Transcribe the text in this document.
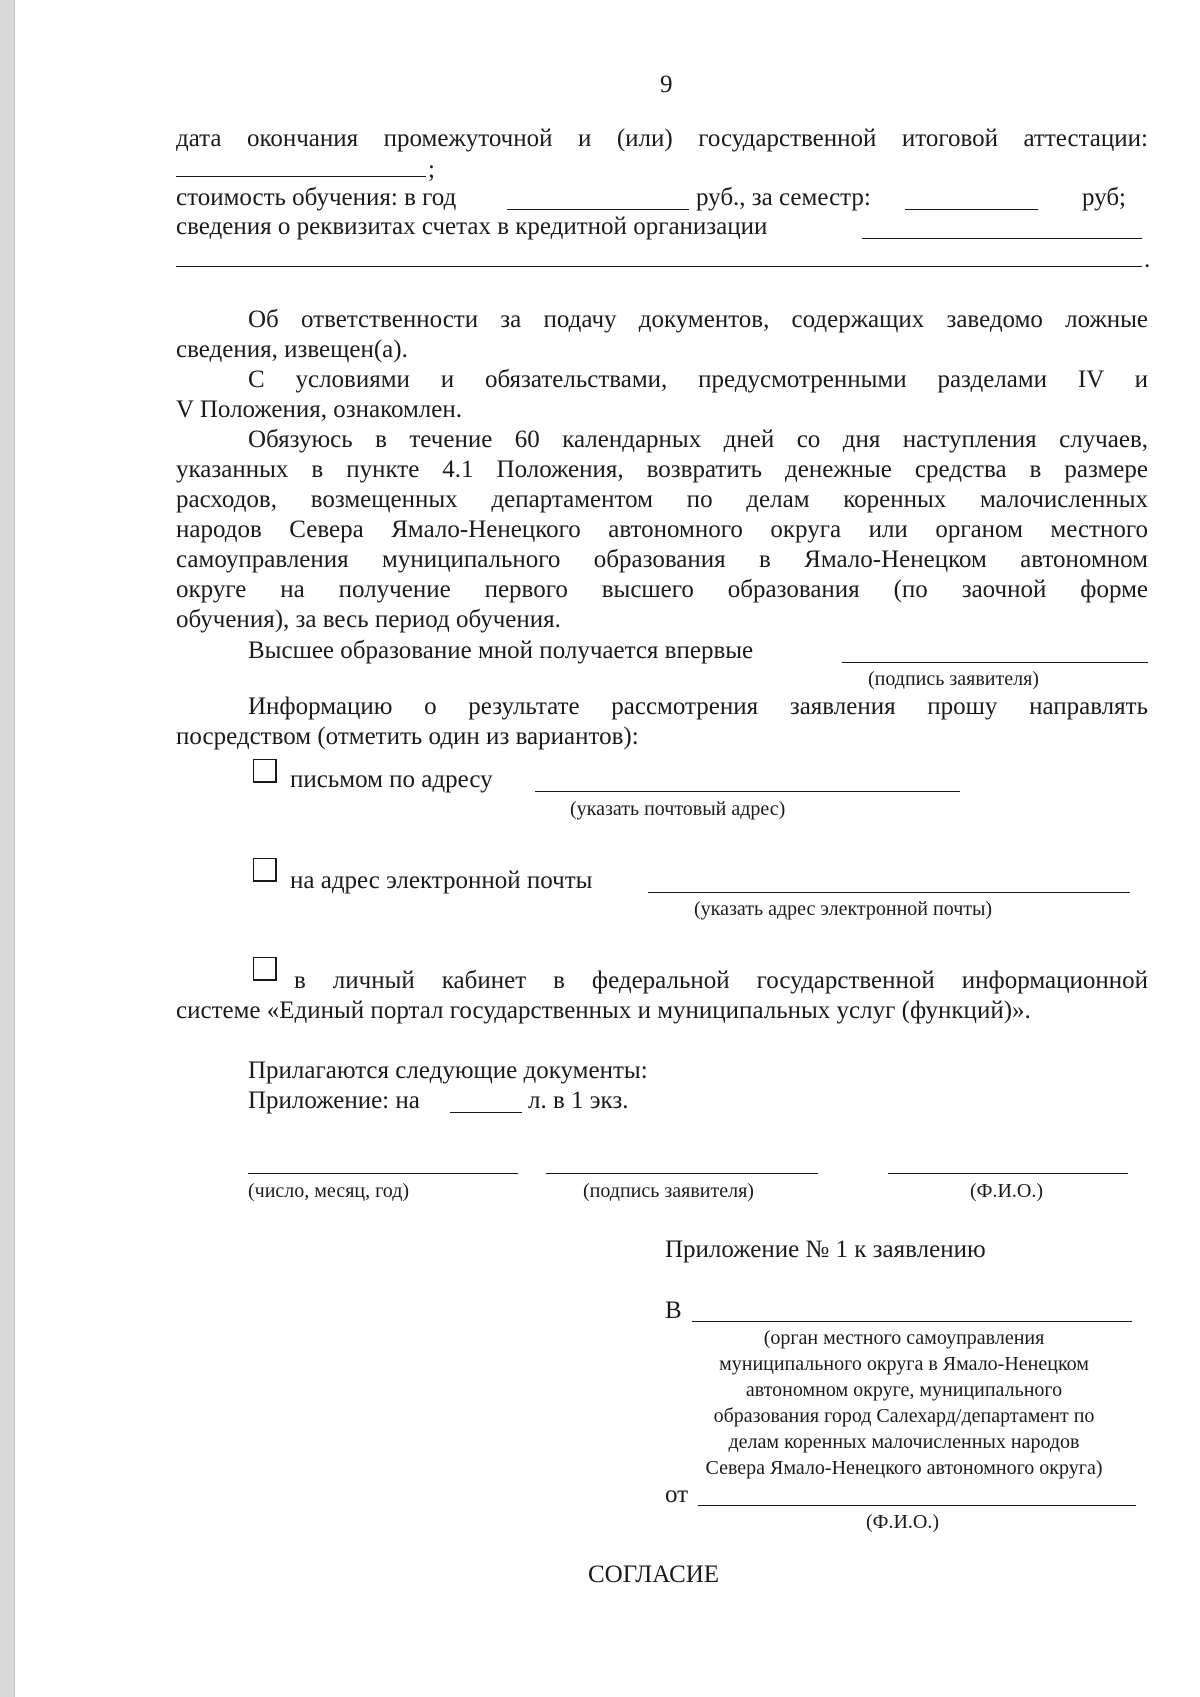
9
дата окончания промежуточной и (или) государственной итоговой аттестации:
;
стоимость обучения: в год	руб., за семестр:	руб;
сведения о реквизитах счетах в кредитной организации
.
Об ответственности за подачу документов, содержащих заведомо ложные
сведения, извещен(а).
С условиями и обязательствами, предусмотренными разделами IV и
V Положения, ознакомлен.
Обязуюсь в течение 60 календарных дней со дня наступления случаев,
указанных в пункте 4.1 Положения, возвратить денежные средства в размере
расходов, возмещенных департаментом по делам коренных малочисленных
народов Севера Ямало-Ненецкого автономного округа или органом местного
самоуправления муниципального образования в Ямало-Ненецком автономном
округе на получение первого высшего образования (по заочной форме
обучения), за весь период обучения.
Высшее образование мной получается впервые
(подпись заявителя)
Информацию о результате рассмотрения заявления прошу направлять
посредством (отметить один из вариантов):
письмом по адресу
(указать почтовый адрес)
на адрес электронной почты
(указать адрес электронной почты)
в личный кабинет в федеральной государственной информационной
системе «Единый портал государственных и муниципальных услуг (функций)».
Прилагаются следующие документы:
Приложение: на	л. в 1 экз.
(число, месяц, год)	(подпись заявителя)	(Ф.И.О.)
Приложение № 1 к заявлению
В
(орган местного самоуправления
муниципального округа в Ямало-Ненецком
автономном округе, муниципального
образования город Салехард/департамент по
делам коренных малочисленных народов
Севера Ямало-Ненецкого автономного округа)
от
(Ф.И.О.)
СОГЛАСИЕ
